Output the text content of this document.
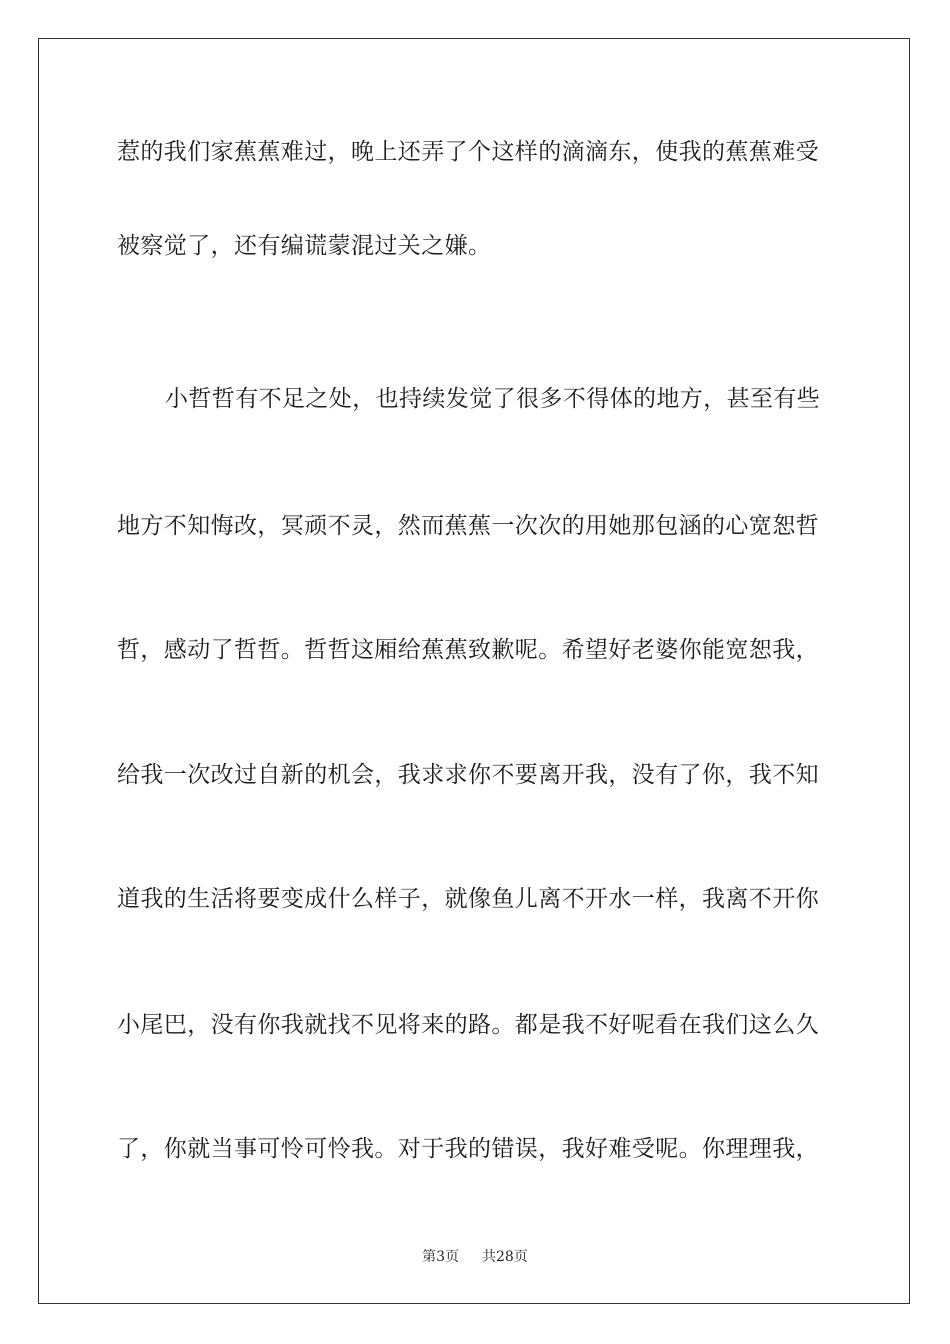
惹的我们家蕉蕉难过，晚上还弄了个这样的滴滴东，使我的蕉蕉难受
被察觉了，还有编谎蒙混过关之嫌。
小哲哲有不足之处，也持续发觉了很多不得体的地方，甚至有些
地方不知悔改，冥顽不灵，然而蕉蕉一次次的用她那包涵的心宽恕哲
哲，感动了哲哲。哲哲这厢给蕉蕉致歉呢。希望好老婆你能宽恕我，
给我一次改过自新的机会，我求求你不要离开我，没有了你，我不知
道我的生活将要变成什么样子，就像鱼儿离不开水一样，我离不开你
小尾巴，没有你我就找不见将来的路。都是我不好呢看在我们这么久
了，你就当事可怜可怜我。对于我的错误，我好难受呢。你理理我，
第3页 共28页
